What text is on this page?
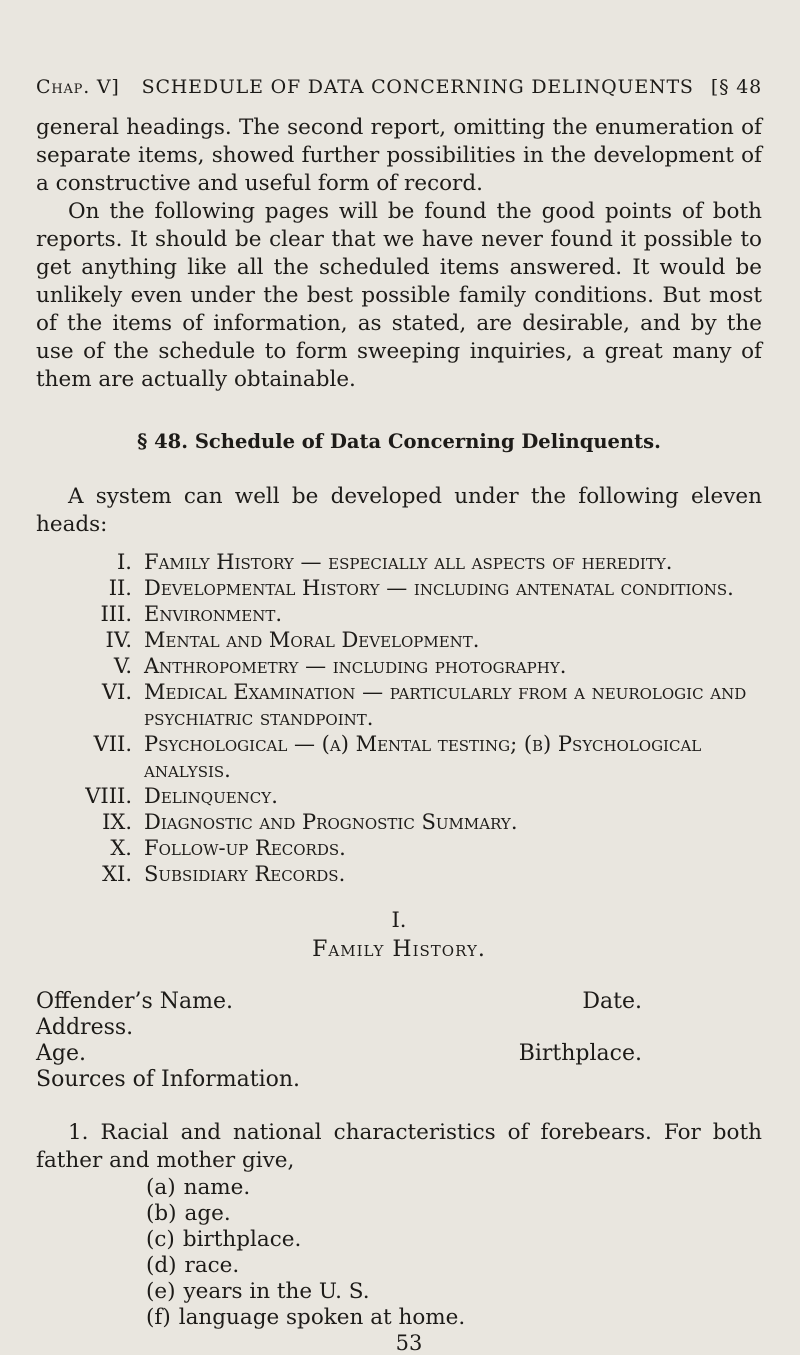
Chap. V] SCHEDULE OF DATA CONCERNING DELINQUENTS [§ 48

general headings. The second report, omitting the enumeration of separate items, showed further possibilities in the development of a constructive and useful form of record.

On the following pages will be found the good points of both reports. It should be clear that we have never found it possible to get anything like all the scheduled items answered. It would be unlikely even under the best possible family conditions. But most of the items of information, as stated, are desirable, and by the use of the schedule to form sweeping inquiries, a great many of them are actually obtainable.

§ 48. Schedule of Data Concerning Delinquents.

A system can well be developed under the following eleven heads:

I. Family History — especially all aspects of heredity.
II. Developmental History — including antenatal conditions.
III. Environment.
IV. Mental and Moral Development.
V. Anthropometry — including photography.
VI. Medical Examination — particularly from a neurologic and psychiatric standpoint.
VII. Psychological — (a) Mental testing; (b) Psychological analysis.
VIII. Delinquency.
IX. Diagnostic and Prognostic Summary.
X. Follow-up Records.
XI. Subsidiary Records.
I.
Family History.
Offender’s Name.	Date.
Address.
Age.	Birthplace.
Sources of Information.

1. Racial and national characteristics of forebears. For both father and mother give,

(a) name.
(b) age.
(c) birthplace.
(d) race.
(e) years in the U. S.
(f) language spoken at home.
53
